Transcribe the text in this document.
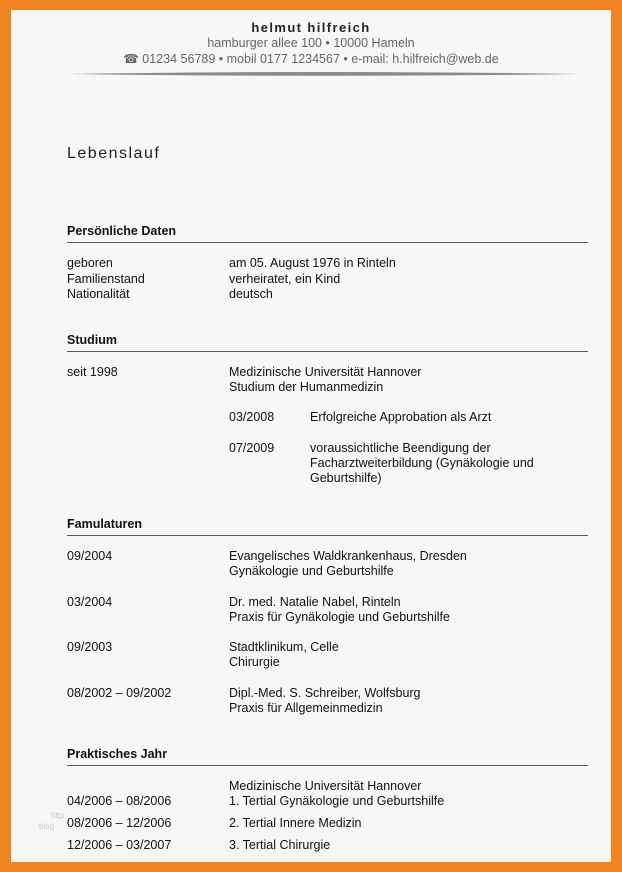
helmut hilfreich
hamburger allee 100 • 10000 Hameln
☎ 01234 56789 • mobil 0177 1234567 • e-mail: h.hilfreich@web.de
Lebenslauf
Persönliche Daten
geboren	am 05. August 1976 in Rinteln
Familienstand	verheiratet, ein Kind
Nationalität	deutsch
Studium
seit 1998	Medizinische Universität Hannover
Studium der Humanmedizin
03/2008	Erfolgreiche Approbation als Arzt
07/2009	voraussichtliche Beendigung der
Facharztweiterbildung (Gynäkologie und
Geburtshilfe)
Famulaturen
09/2004	Evangelisches Waldkrankenhaus, Dresden
Gynäkologie und Geburtshilfe
03/2004	Dr. med. Natalie Nabel, Rinteln
Praxis für Gynäkologie und Geburtshilfe
09/2003	Stadtklinikum, Celle
Chirurgie
08/2002 – 09/2002	Dipl.-Med. S. Schreiber, Wolfsburg
Praxis für Allgemeinmedizin
Praktisches Jahr
Medizinische Universität Hannover
04/2006 – 08/2006	1. Tertial Gynäkologie und Geburtshilfe
08/2006 – 12/2006	2. Tertial Innere Medizin
12/2006 – 03/2007	3. Tertial Chirurgie
http
blog
